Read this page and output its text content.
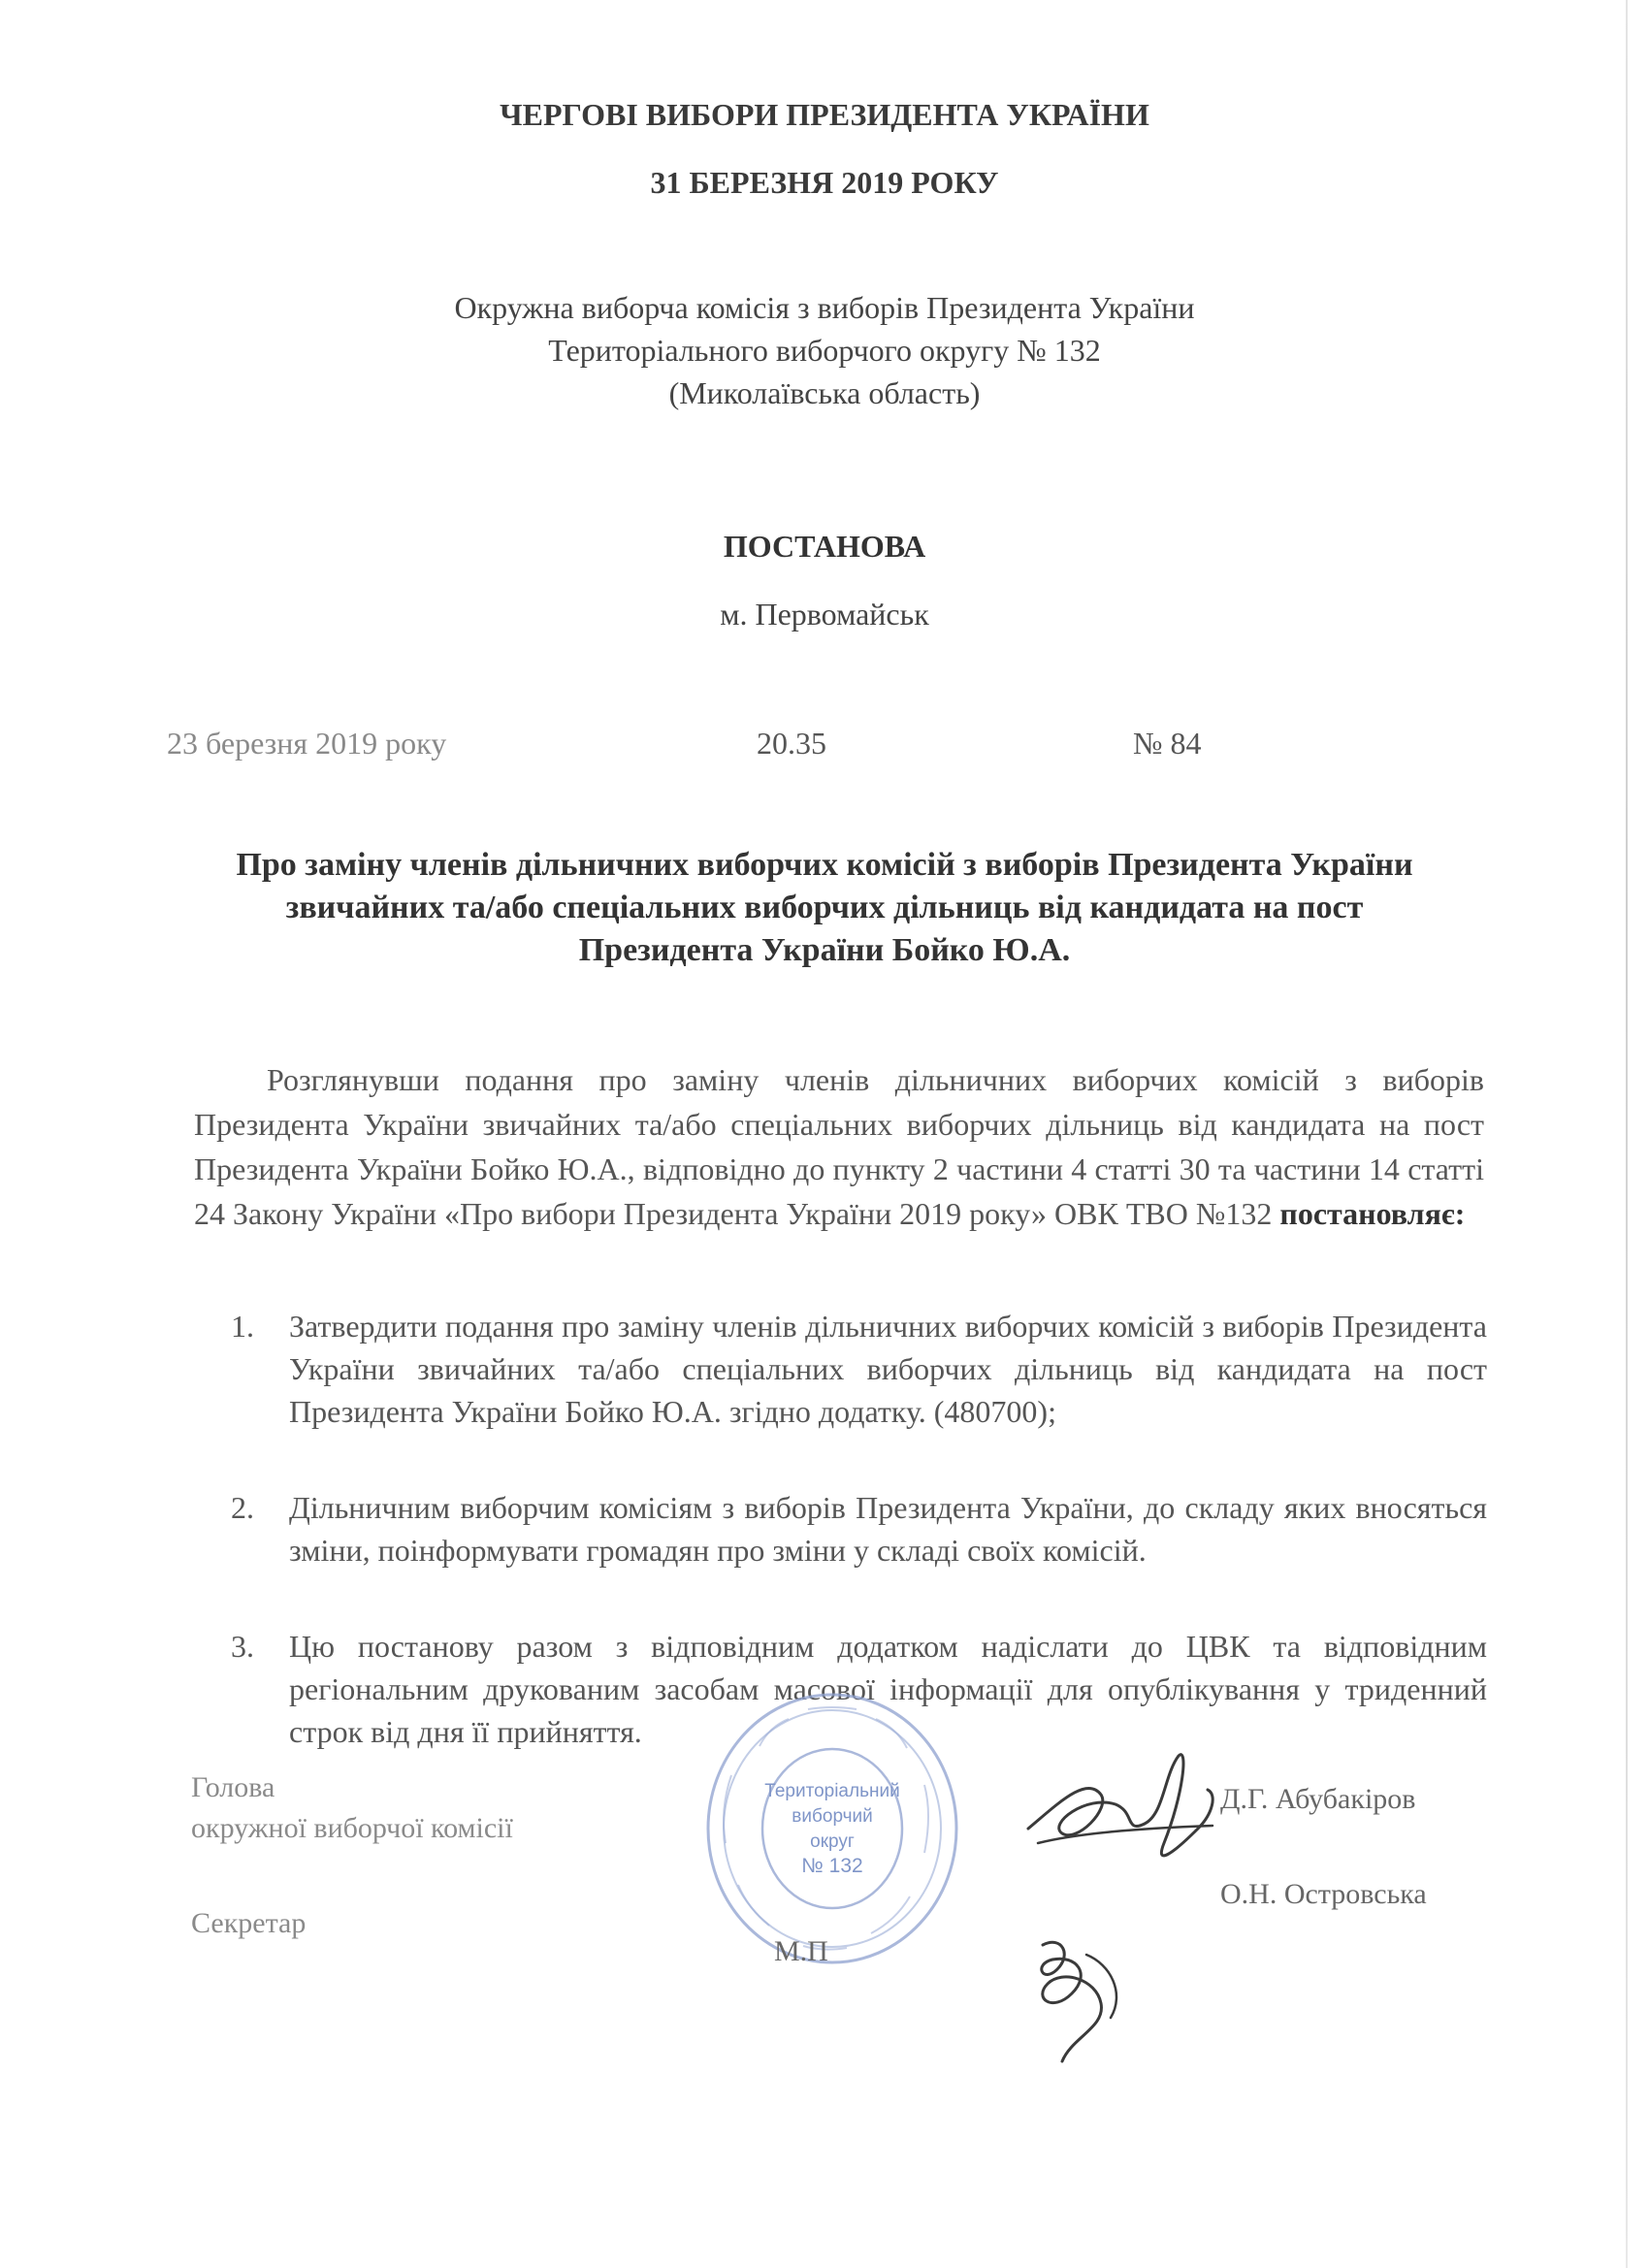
ЧЕРГОВІ ВИБОРИ ПРЕЗИДЕНТА УКРАЇНИ
31 БЕРЕЗНЯ 2019 РОКУ
Окружна виборча комісія з виборів Президента України
Територіального виборчого округу № 132
(Миколаївська область)
ПОСТАНОВА
м. Первомайськ
23 березня 2019 року	20.35	№ 84
Про заміну членів дільничних виборчих комісій з виборів Президента України
звичайних та/або спеціальних виборчих дільниць від кандидата на пост
Президента України Бойко Ю.А.
Розглянувши подання про заміну членів дільничних виборчих комісій з виборів Президента України звичайних та/або спеціальних виборчих дільниць від кандидата на пост Президента України Бойко Ю.А., відповідно до пункту 2 частини 4 статті 30 та частини 14 статті 24 Закону України «Про вибори Президента України 2019 року» ОВК ТВО №132 постановляє:
1. Затвердити подання про заміну членів дільничних виборчих комісій з виборів Президента України звичайних та/або спеціальних виборчих дільниць від кандидата на пост Президента України Бойко Ю.А. згідно додатку. (480700);
2. Дільничним виборчим комісіям з виборів Президента України, до складу яких вносяться зміни, поінформувати громадян про зміни у складі своїх комісій.
3. Цю постанову разом з відповідним додатком надіслати до ЦВК та відповідним регіональним друкованим засобам масової інформації для опублікування у триденний строк від дня її прийняття.
Голова
окружної виборчої комісії
Секретар
Д.Г. Абубакіров
О.Н. Островська
Територіальний
виборчий
округ
№ 132
М.П
